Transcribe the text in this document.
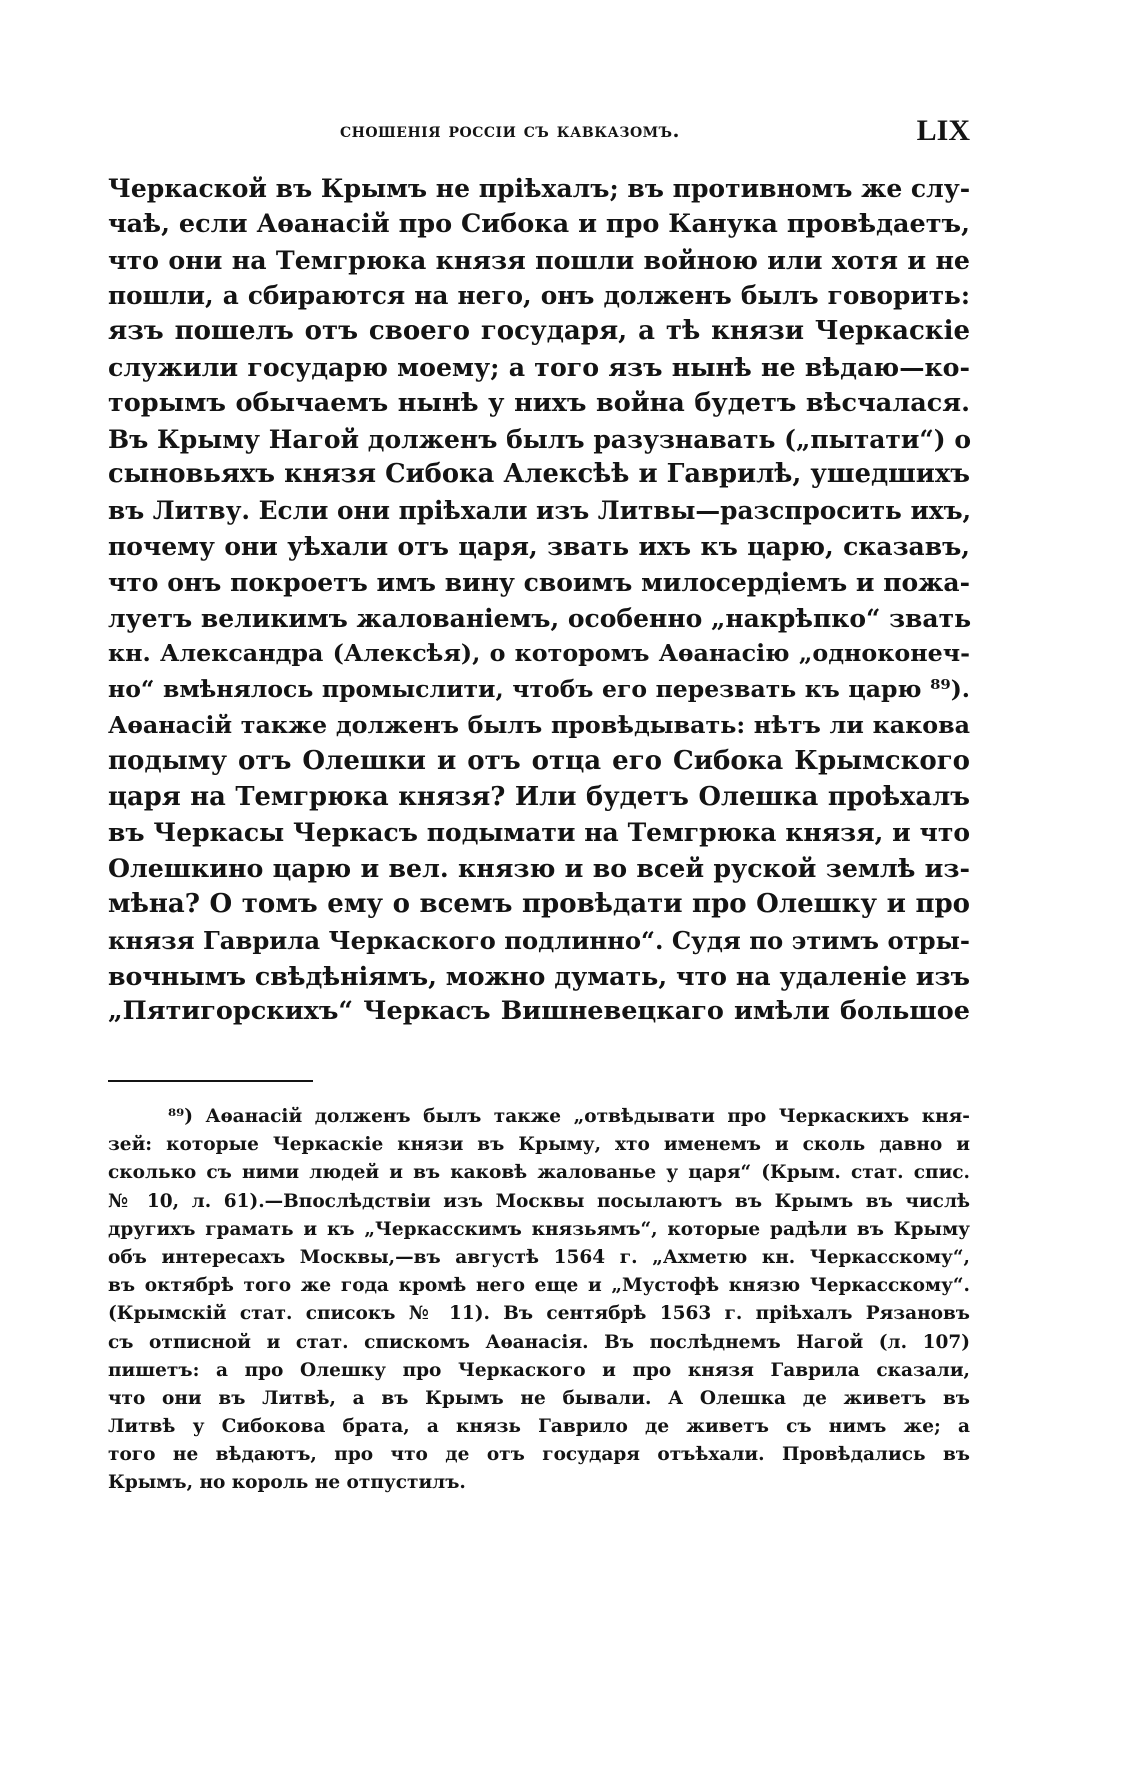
сношенія россіи съ кавказомъ.	LIX
Черкаской въ Крымъ не пріѣхалъ; въ противномъ же слу-
чаѣ, если Аѳанасій про Сибока и про Канука провѣдаетъ,
что они на Темгрюка князя пошли войною или хотя и не
пошли, а сбираются на него, онъ долженъ былъ говорить:
язъ пошелъ отъ своего государя, а тѣ князи Черкаскіе
служили государю моему; а того язъ нынѣ не вѣдаю—ко-
торымъ обычаемъ нынѣ у нихъ война будетъ вѣсчалася.
Въ Крыму Нагой долженъ былъ разузнавать („пытати“) о
сыновьяхъ князя Сибока Алексѣѣ и Гаврилѣ, ушедшихъ
въ Литву. Если они пріѣхали изъ Литвы—разспросить ихъ,
почему они уѣхали отъ царя, звать ихъ къ царю, сказавъ,
что онъ покроетъ имъ вину своимъ милосердіемъ и пожа-
луетъ великимъ жалованіемъ, особенно „накрѣпко“ звать
кн. Александра (Алексѣя), о которомъ Аѳанасію „одноконеч-
но“ вмѣнялось промыслити, чтобъ его перезвать къ царю ⁸⁹).
Аѳанасій также долженъ былъ провѣдывать: нѣтъ ли какова
подыму отъ Олешки и отъ отца его Сибока Крымского
царя на Темгрюка князя? Или будетъ Олешка проѣхалъ
въ Черкасы Черкасъ подымати на Темгрюка князя, и что
Олешкино царю и вел. князю и во всей руской землѣ из-
мѣна? О томъ ему о всемъ провѣдати про Олешку и про
князя Гаврила Черкаского подлинно“. Судя по этимъ отры-
вочнымъ свѣдѣніямъ, можно думать, что на удаленіе изъ
„Пятигорскихъ“ Черкасъ Вишневецкаго имѣли большое
⁸⁹) Аѳанасій долженъ былъ также „отвѣдывати про Черкаскихъ кня-
зей: которые Черкаскіе князи въ Крыму, хто именемъ и сколь давно и
сколько съ ними людей и въ каковѣ жалованье у царя“ (Крым. стат. спис.
№ 10, л. 61).—Впослѣдствіи изъ Москвы посылаютъ въ Крымъ въ числѣ
другихъ грамать и къ „Черкасскимъ князьямъ“, которые радѣли въ Крыму
объ интересахъ Москвы,—въ августѣ 1564 г. „Ахметю кн. Черкасскому“,
въ октябрѣ того же года кромѣ него еще и „Мустофѣ князю Черкасскому“.
(Крымскій стат. списокъ № 11). Въ сентябрѣ 1563 г. пріѣхалъ Рязановъ
съ отписной и стат. спискомъ Аѳанасія. Въ послѣднемъ Нагой (л. 107)
пишетъ: а про Олешку про Черкаского и про князя Гаврила сказали,
что они въ Литвѣ, а въ Крымъ не бывали. А Олешка де живетъ въ
Литвѣ у Сибокова брата, а князь Гаврило де живетъ съ нимъ же; а
того не вѣдаютъ, про что де отъ государя отъѣхали. Провѣдались въ
Крымъ, но король не отпустилъ.
